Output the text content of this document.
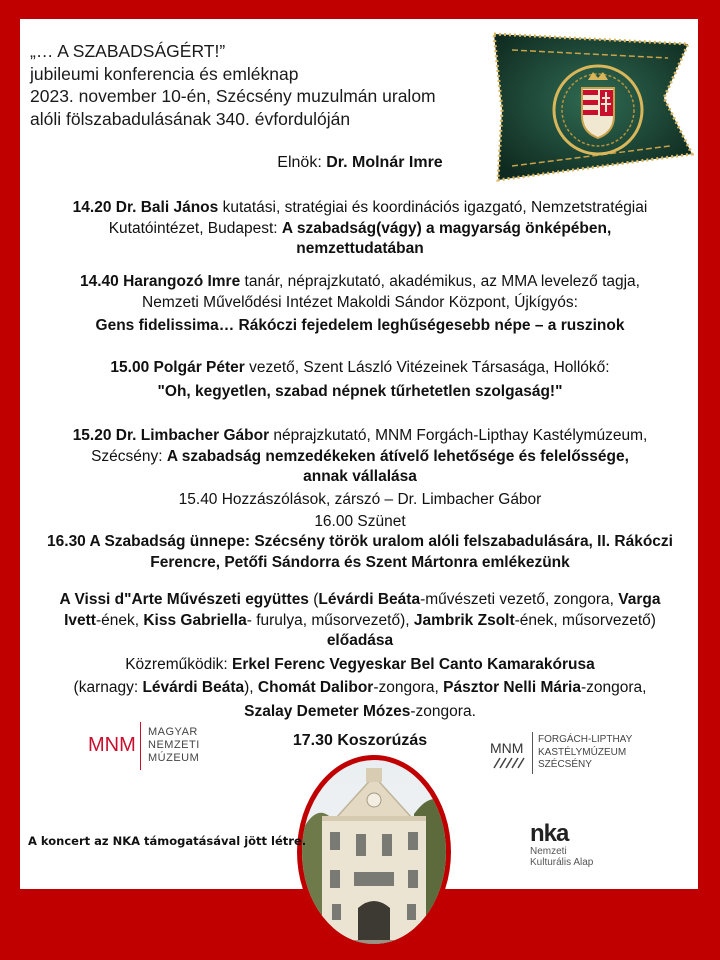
„… A SZABADSÁGÉRT!”
jubileumi konferencia és emléknap
2023. november 10-én, Szécsény muzulmán uralom
alóli fölszabadulásának 340. évfordulóján
Elnök: Dr. Molnár Imre
14.20 Dr. Bali János kutatási, stratégiai és koordinációs igazgató, Nemzetstratégiai
Kutatóintézet, Budapest: A szabadság(vágy) a magyarság önképében,
nemzettudatában
14.40 Harangozó Imre tanár, néprajzkutató, akadémikus, az MMA levelező tagja,
Nemzeti Művelődési Intézet Makoldi Sándor Központ, Újkígyós:
Gens fidelissima… Rákóczi fejedelem leghűségesebb népe – a ruszinok
15.00 Polgár Péter vezető, Szent László Vitézeinek Társasága, Hollókő:
"Oh, kegyetlen, szabad népnek tűrhetetlen szolgaság!"
15.20 Dr. Limbacher Gábor néprajzkutató, MNM Forgách-Lipthay Kastélymúzeum,
Szécsény: A szabadság nemzedékeken átívelő lehetősége és felelőssége,
annak vállalása
15.40 Hozzászólások, zárszó – Dr. Limbacher Gábor
16.00 Szünet
16.30 A Szabadság ünnepe: Szécsény török uralom alóli felszabadulására, II. Rákóczi
Ferencre, Petőfi Sándorra és Szent Mártonra emlékezünk
A Vissi d"Arte Művészeti együttes (Lévárdi Beáta-művészeti vezető, zongora, Varga
Ivett-ének, Kiss Gabriella- furulya, műsorvezető), Jambrik Zsolt-ének, műsorvezető)
előadása
Közreműködik: Erkel Ferenc Vegyeskar Bel Canto Kamarakórusa
(karnagy: Lévárdi Beáta), Chomát Dalibor-zongora, Pásztor Nelli Mária-zongora,
Szalay Demeter Mózes-zongora.
MNM
MAGYAR
NEMZETI
MÚZEUM
17.30 Koszorúzás	MNM
FORGÁCH-LIPTHAY
KASTÉLYMÚZEUM
SZÉCSÉNY
A koncert az NKA támogatásával jött létre.	nka
Nemzeti
Kulturális Alap
